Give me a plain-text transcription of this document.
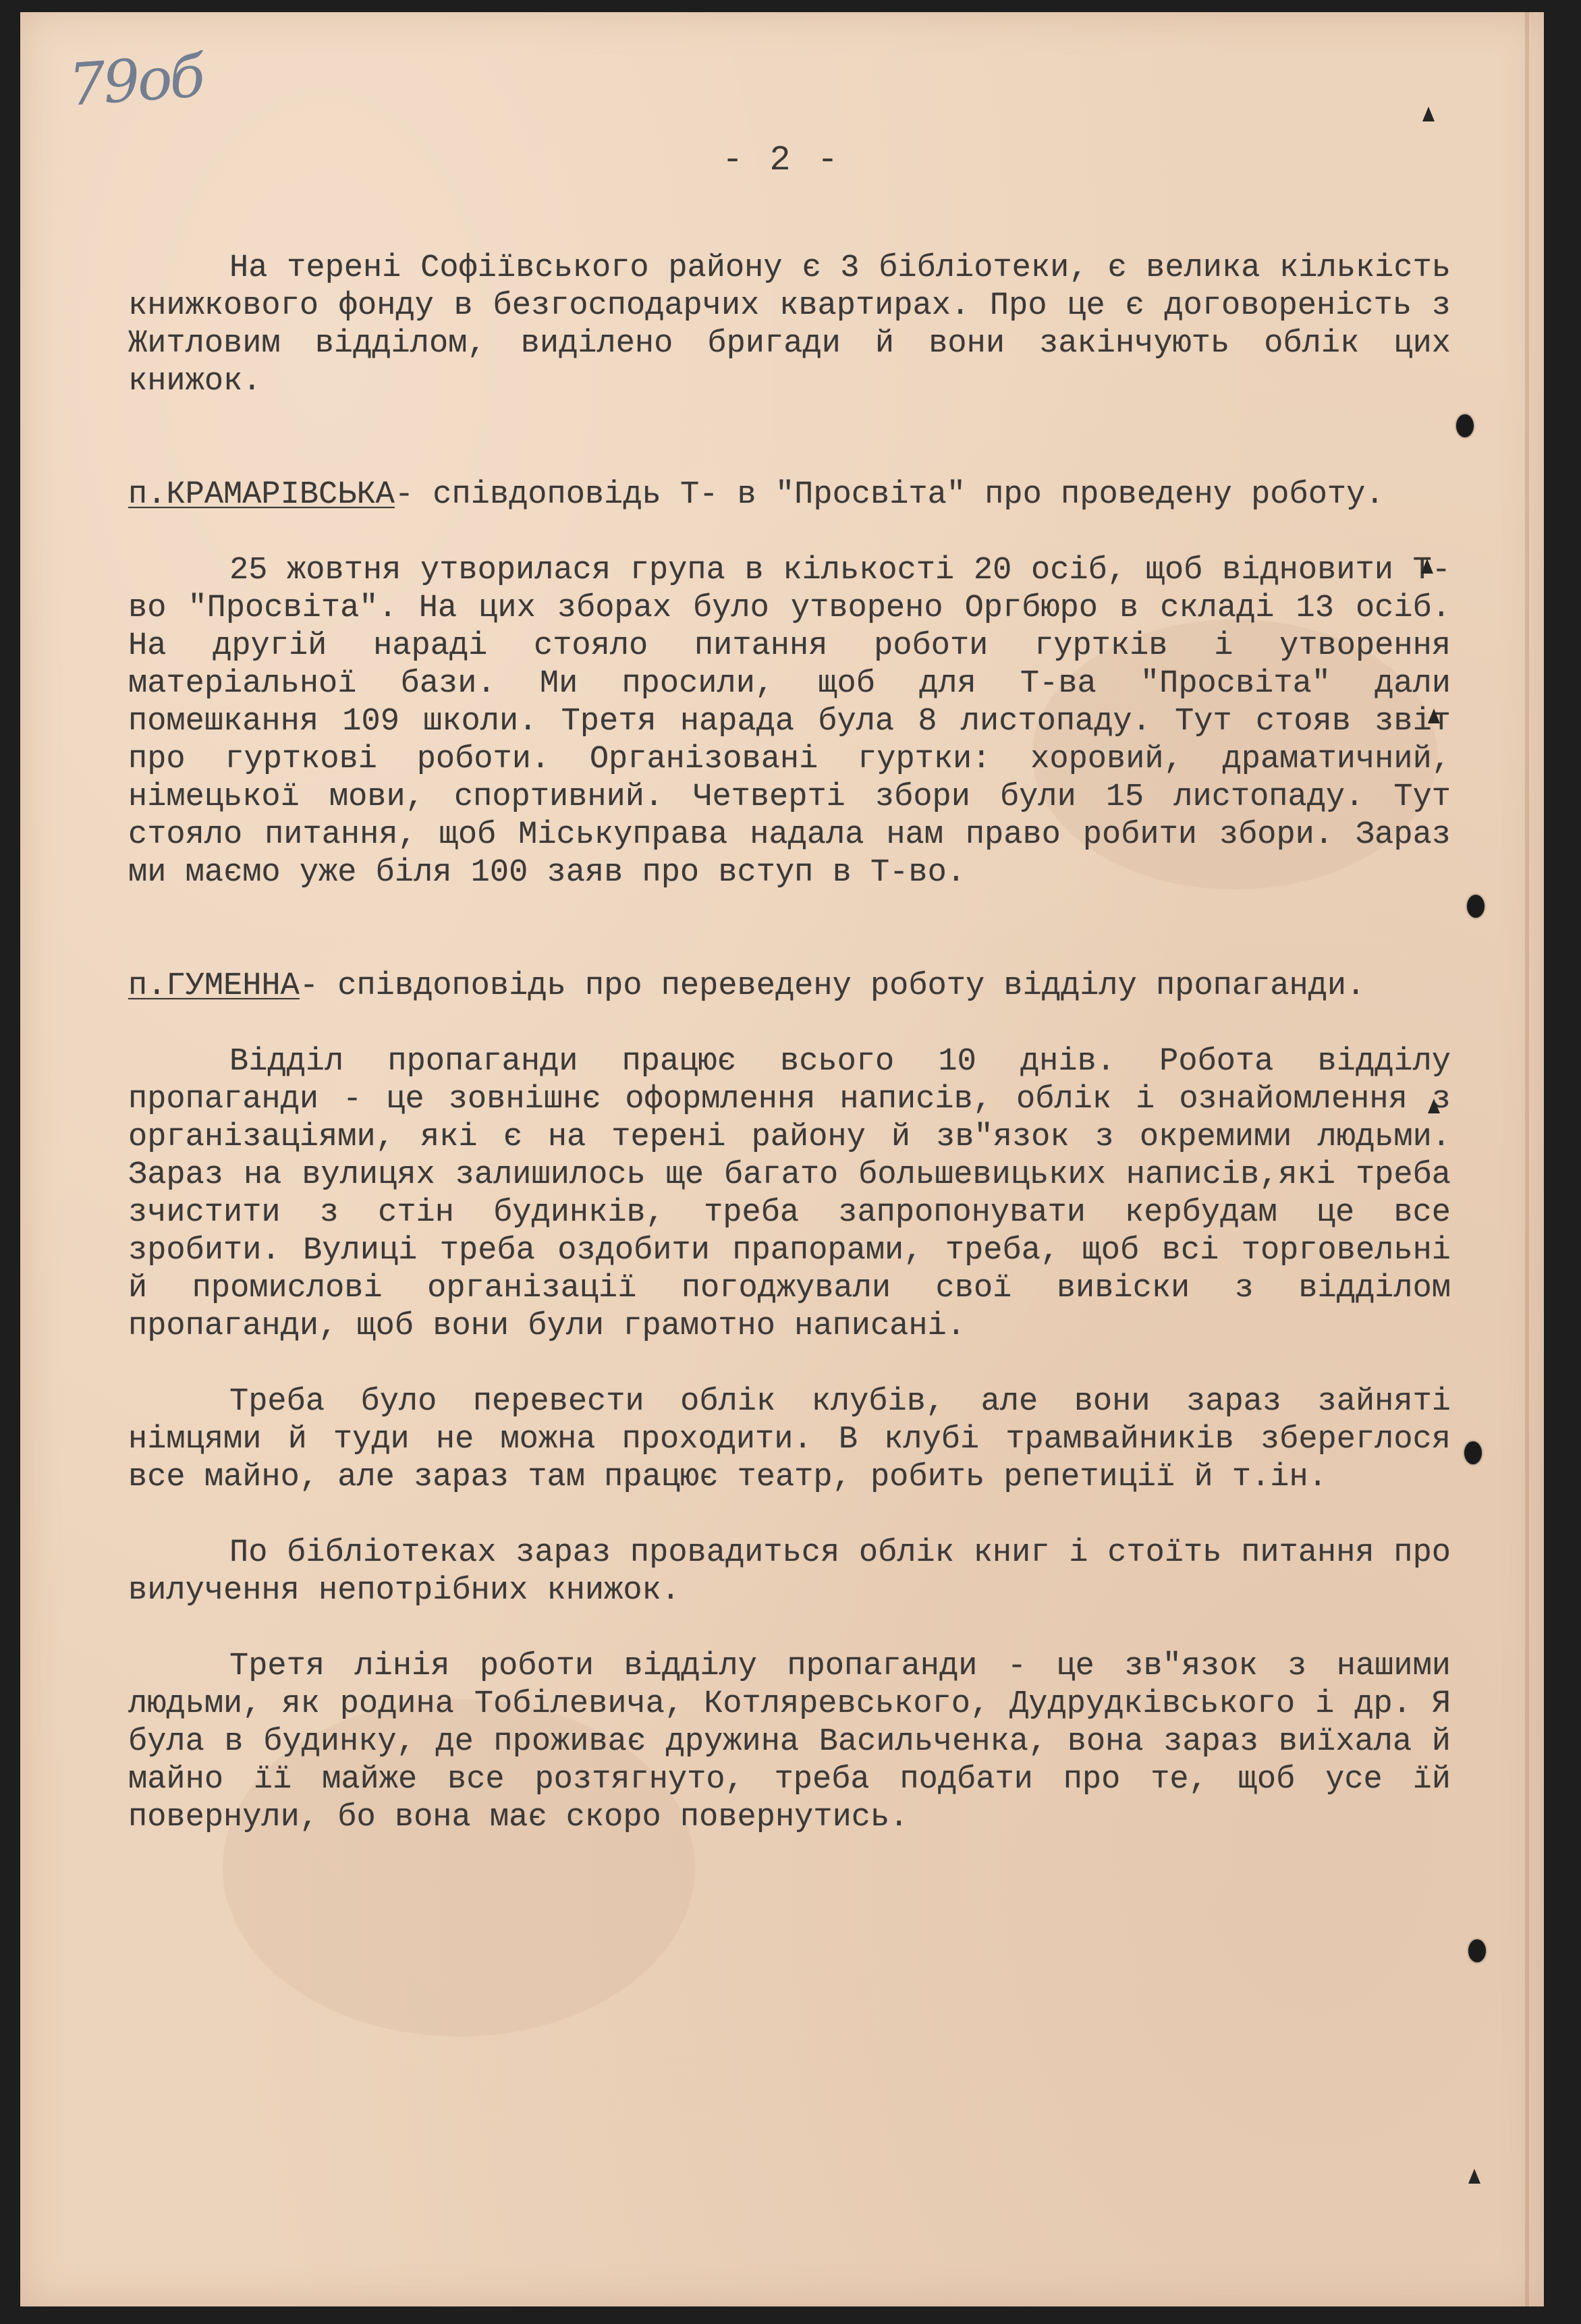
79об
- 2 -

На терені Софіївського району є 3 бібліотеки, є велика кількість книжкового фонду в безгосподарчих квартирах. Про це є договореність з Житловим відділом, виділено бригади й вони закінчують облік цих книжок.

п.КРАМАРІВСЬКА- співдоповідь Т- в "Просвіта" про проведену роботу.

25 жовтня утворилася група в кількості 20 осіб, щоб відновити Т-во "Просвіта". На цих зборах було утворено Оргбюро в складі 13 осіб. На другій нараді стояло питання роботи гуртків і утворення матеріальної бази. Ми просили, щоб для Т-ва "Просвіта" дали помешкання 109 школи. Третя нарада була 8 листопаду. Тут стояв звіт про гурткові роботи. Організовані гуртки: хоровий, драматичний, німецької мови, спортивний. Четверті збори були 15 листопаду. Тут стояло питання, щоб Міськуправа надала нам право робити збори. Зараз ми маємо уже біля 100 заяв про вступ в Т-во.

п.ГУМЕННА- співдоповідь про переведену роботу відділу пропаганди.

Відділ пропаганди працює всього 10 днів. Робота відділу пропаганди - це зовнішнє оформлення написів, облік і ознайомлення з організаціями, які є на терені району й зв"язок з окремими людьми. Зараз на вулицях залишилось ще багато большевицьких написів,які треба зчистити з стін будинків, треба запропонувати кербудам це все зробити. Вулиці треба оздобити прапорами, треба, щоб всі торговельні й промислові організації погоджували свої вивіски з відділом пропаганди, щоб вони були грамотно написані.

Треба було перевести облік клубів, але вони зараз зайняті німцями й туди не можна проходити. В клубі трамвайників збереглося все майно, але зараз там працює театр, робить репетиції й т.ін.

По бібліотеках зараз провадиться облік книг і стоїть питання про вилучення непотрібних книжок.

Третя лінія роботи відділу пропаганди - це зв"язок з нашими людьми, як родина Тобілевича, Котляревського, Дудрудківського і др. Я була в будинку, де проживає дружина Васильченка, вона зараз виїхала й майно її майже все розтягнуто, треба подбати про те, щоб усе їй повернули, бо вона має скоро повернутись.
